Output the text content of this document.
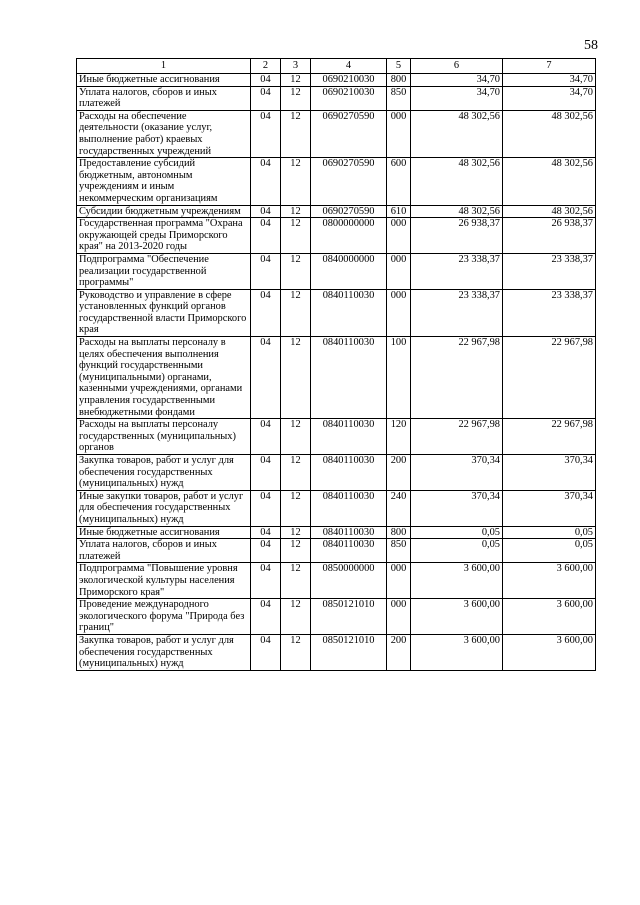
58
1	2	3	4	5	6	7
Иные бюджетные ассигнования	04	12	0690210030	800	34,70	34,70
Уплата налогов, сборов и иных платежей	04	12	0690210030	850	34,70	34,70
Расходы на обеспечение деятельности (оказание услуг, выполнение работ) краевых государственных учреждений	04	12	0690270590	000	48 302,56	48 302,56
Предоставление субсидий бюджетным, автономным учреждениям и иным некоммерческим организациям	04	12	0690270590	600	48 302,56	48 302,56
Субсидии бюджетным учреждениям	04	12	0690270590	610	48 302,56	48 302,56
Государственная программа "Охрана окружающей среды Приморского края" на 2013-2020 годы	04	12	0800000000	000	26 938,37	26 938,37
Подпрограмма "Обеспечение реализации государственной программы"	04	12	0840000000	000	23 338,37	23 338,37
Руководство и управление в сфере установленных функций органов государственной власти Приморского края	04	12	0840110030	000	23 338,37	23 338,37
Расходы на выплаты персоналу в целях обеспечения выполнения функций государственными (муниципальными) органами, казенными учреждениями, органами управления государственными внебюджетными фондами	04	12	0840110030	100	22 967,98	22 967,98
Расходы на выплаты персоналу государственных (муниципальных) органов	04	12	0840110030	120	22 967,98	22 967,98
Закупка товаров, работ и услуг для обеспечения государственных (муниципальных) нужд	04	12	0840110030	200	370,34	370,34
Иные закупки товаров, работ и услуг для обеспечения государственных (муниципальных) нужд	04	12	0840110030	240	370,34	370,34
Иные бюджетные ассигнования	04	12	0840110030	800	0,05	0,05
Уплата налогов, сборов и иных платежей	04	12	0840110030	850	0,05	0,05
Подпрограмма "Повышение уровня экологической культуры населения Приморского края"	04	12	0850000000	000	3 600,00	3 600,00
Проведение международного экологического форума "Природа без границ"	04	12	0850121010	000	3 600,00	3 600,00
Закупка товаров, работ и услуг для обеспечения государственных (муниципальных) нужд	04	12	0850121010	200	3 600,00	3 600,00
